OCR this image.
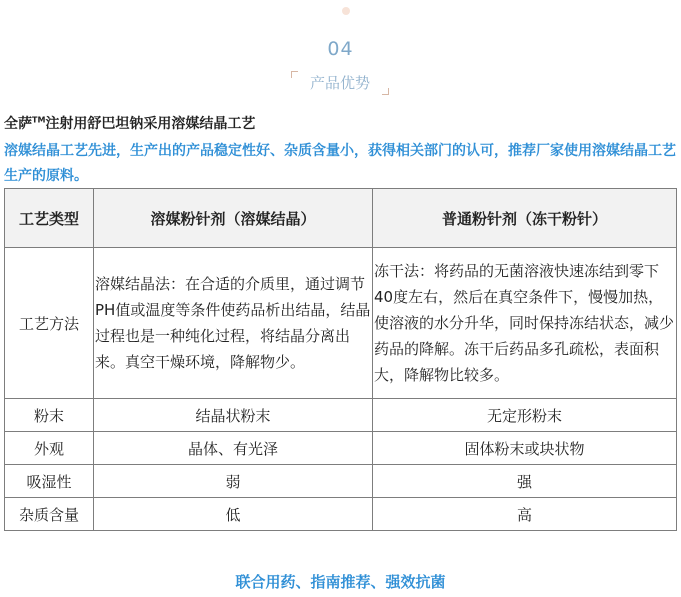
04
产品优势
全萨™注射用舒巴坦钠采用溶媒结晶工艺
溶媒结晶工艺先进，生产出的产品稳定性好、杂质含量小，获得相关部门的认可，推荐厂家使用溶媒结晶工艺生产的原料。
工艺类型	溶媒粉针剂（溶媒结晶）	普通粉针剂（冻干粉针）
工艺方法	溶媒结晶法：在合适的介质里，通过调节PH值或温度等条件使药品析出结晶，结晶过程也是一种纯化过程，将结晶分离出来。真空干燥环境，降解物少。	冻干法：将药品的无菌溶液快速冻结到零下40度左右，然后在真空条件下，慢慢加热，使溶液的水分升华，同时保持冻结状态，减少药品的降解。冻干后药品多孔疏松，表面积大，降解物比较多。
粉末	结晶状粉末	无定形粉末
外观	晶体、有光泽	固体粉末或块状物
吸湿性	弱	强
杂质含量	低	高
联合用药、指南推荐、强效抗菌
